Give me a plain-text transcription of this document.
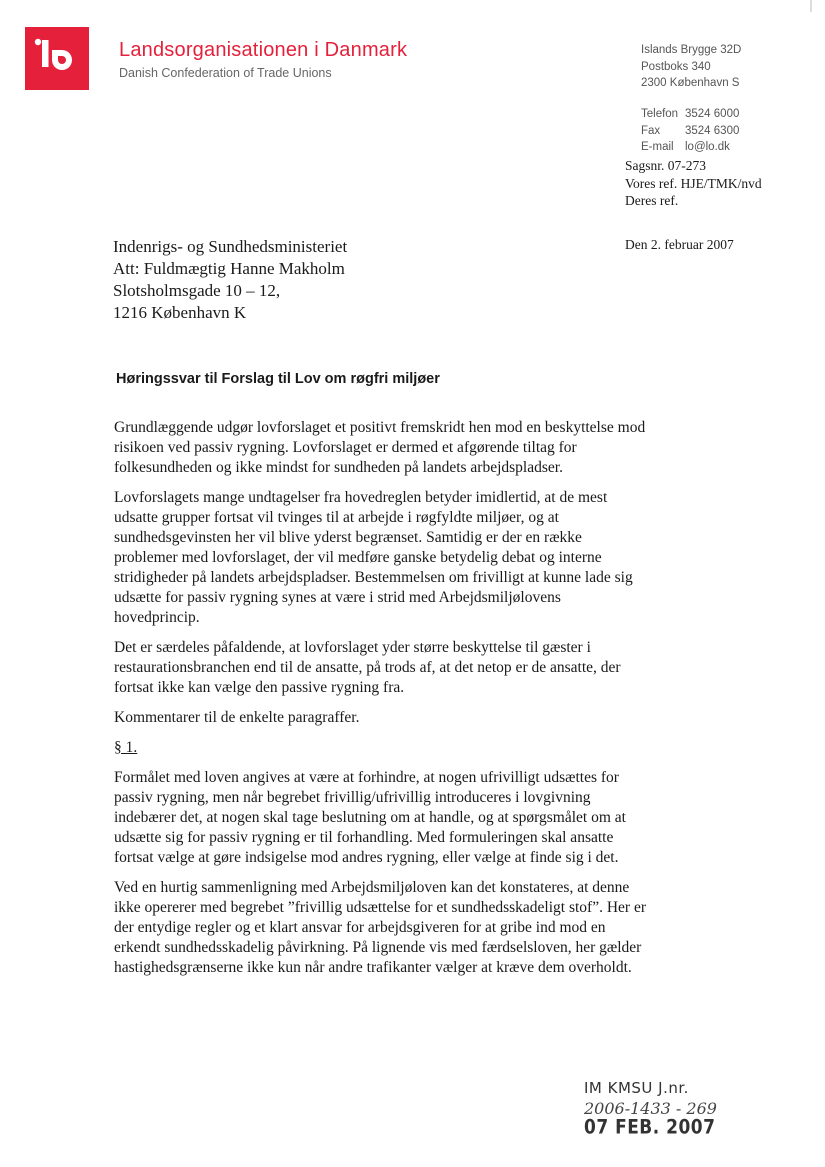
Landsorganisationen i Danmark
Danish Confederation of Trade Unions
Islands Brygge 32D
Postboks 340
2300 København S
Telefon 3524 6000
Fax 3524 6300
E-mail lo@lo.dk
Sagsnr. 07-273
Vores ref. HJE/TMK/nvd
Deres ref.
Den 2. februar 2007
Indenrigs- og Sundhedsministeriet
Att: Fuldmægtig Hanne Makholm
Slotsholmsgade 10 – 12,
1216 København K
Høringssvar til Forslag til Lov om røgfri miljøer

Grundlæggende udgør lovforslaget et positivt fremskridt hen mod en beskyttelse mod
risikoen ved passiv rygning. Lovforslaget er dermed et afgørende tiltag for
folkesundheden og ikke mindst for sundheden på landets arbejdspladser.

Lovforslagets mange undtagelser fra hovedreglen betyder imidlertid, at de mest
udsatte grupper fortsat vil tvinges til at arbejde i røgfyldte miljøer, og at
sundhedsgevinsten her vil blive yderst begrænset. Samtidig er der en række
problemer med lovforslaget, der vil medføre ganske betydelig debat og interne
stridigheder på landets arbejdspladser. Bestemmelsen om frivilligt at kunne lade sig
udsætte for passiv rygning synes at være i strid med Arbejdsmiljølovens
hovedprincip.

Det er særdeles påfaldende, at lovforslaget yder større beskyttelse til gæster i
restaurationsbranchen end til de ansatte, på trods af, at det netop er de ansatte, der
fortsat ikke kan vælge den passive rygning fra.

Kommentarer til de enkelte paragraffer.

§ 1.

Formålet med loven angives at være at forhindre, at nogen ufrivilligt udsættes for
passiv rygning, men når begrebet frivillig/ufrivillig introduceres i lovgivning
indebærer det, at nogen skal tage beslutning om at handle, og at spørgsmålet om at
udsætte sig for passiv rygning er til forhandling. Med formuleringen skal ansatte
fortsat vælge at gøre indsigelse mod andres rygning, eller vælge at finde sig i det.

Ved en hurtig sammenligning med Arbejdsmiljøloven kan det konstateres, at denne
ikke opererer med begrebet ”frivillig udsættelse for et sundhedsskadeligt stof”. Her er
der entydige regler og et klart ansvar for arbejdsgiveren for at gribe ind mod en
erkendt sundhedsskadelig påvirkning. På lignende vis med færdselsloven, her gælder
hastighedsgrænserne ikke kun når andre trafikanter vælger at kræve dem overholdt.

IM KMSU J.nr.
2006-1433 - 269
07 FEB. 2007
